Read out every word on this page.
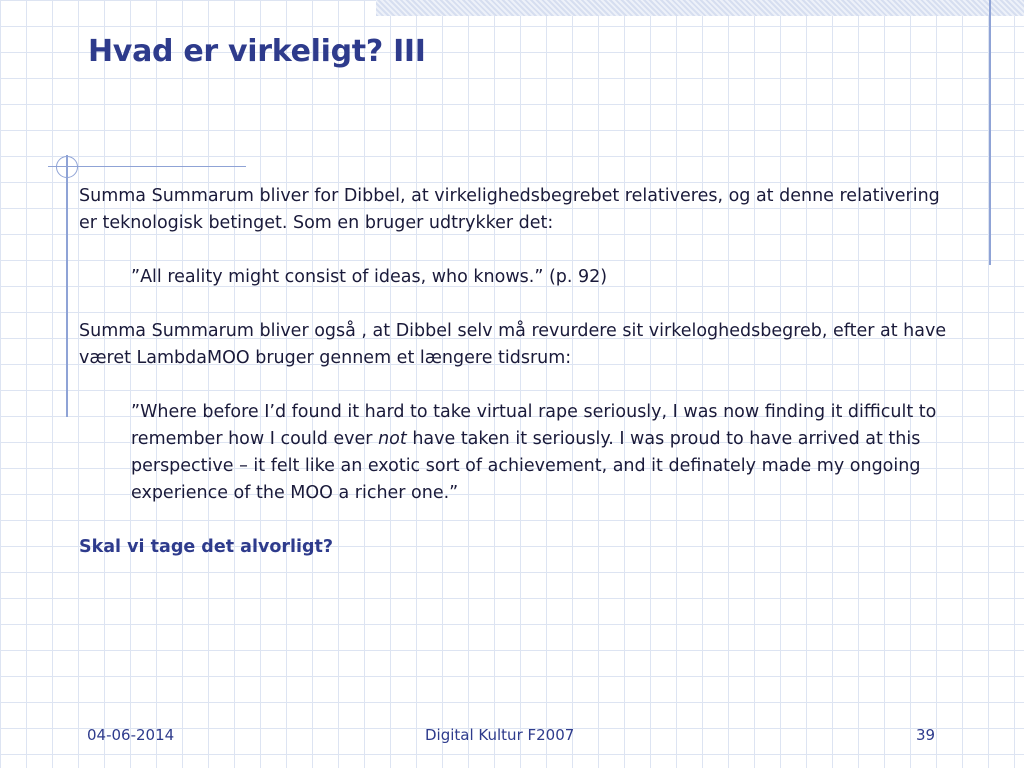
Hvad er virkeligt? III

Summa Summarum bliver for Dibbel, at virkelighedsbegrebet relativeres, og at denne relativering er teknologisk betinget. Som en bruger udtrykker det:

”All reality might consist of ideas, who knows.” (p. 92)

Summa Summarum bliver også , at Dibbel selv må revurdere sit virkeloghedsbegreb, efter at have været LambdaMOO bruger gennem et længere tidsrum:

”Where before I’d found it hard to take virtual rape seriously, I was now finding it difficult to remember how I could ever not have taken it seriously. I was proud to have arrived at this perspective – it felt like an exotic sort of achievement, and it definately made my ongoing experience of the MOO a richer one.”

Skal vi tage det alvorligt?

04-06-2014	Digital Kultur F2007	39
